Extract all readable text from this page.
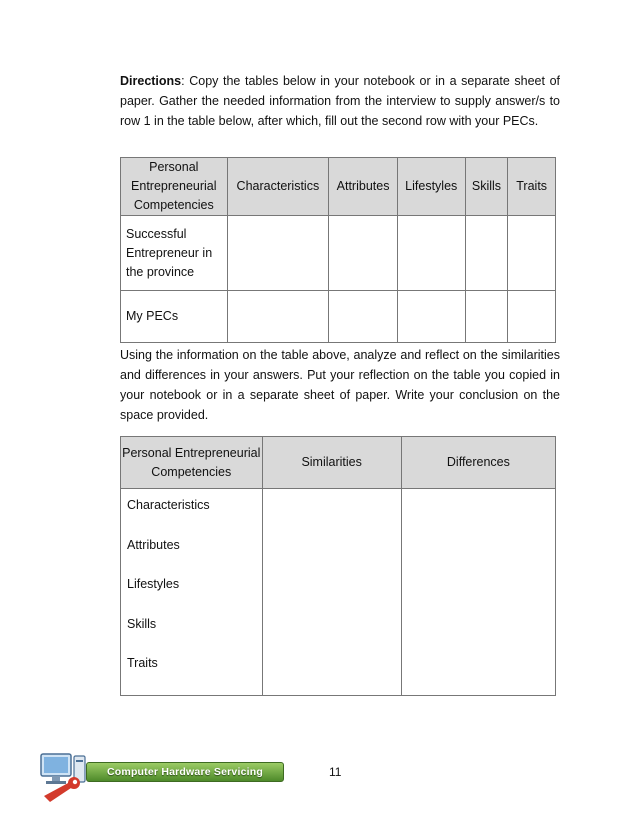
Directions: Copy the tables below in your notebook or in a separate sheet of paper. Gather the needed information from the interview to supply answer/s to row 1 in the table below, after which, fill out the second row with your PECs.

Personal Entrepreneurial Competencies	Characteristics	Attributes	Lifestyles	Skills	Traits
Successful Entrepreneur in the province					
My PECs					

Using the information on the table above, analyze and reflect on the similarities and differences in your answers. Put your reflection on the table you copied in your notebook or in a separate sheet of paper. Write your conclusion on the space provided.

Personal Entrepreneurial Competencies	Similarities	Differences

Characteristics
Attributes
Lifestyles
Skills
Traits		

Computer Hardware Servicing	11
